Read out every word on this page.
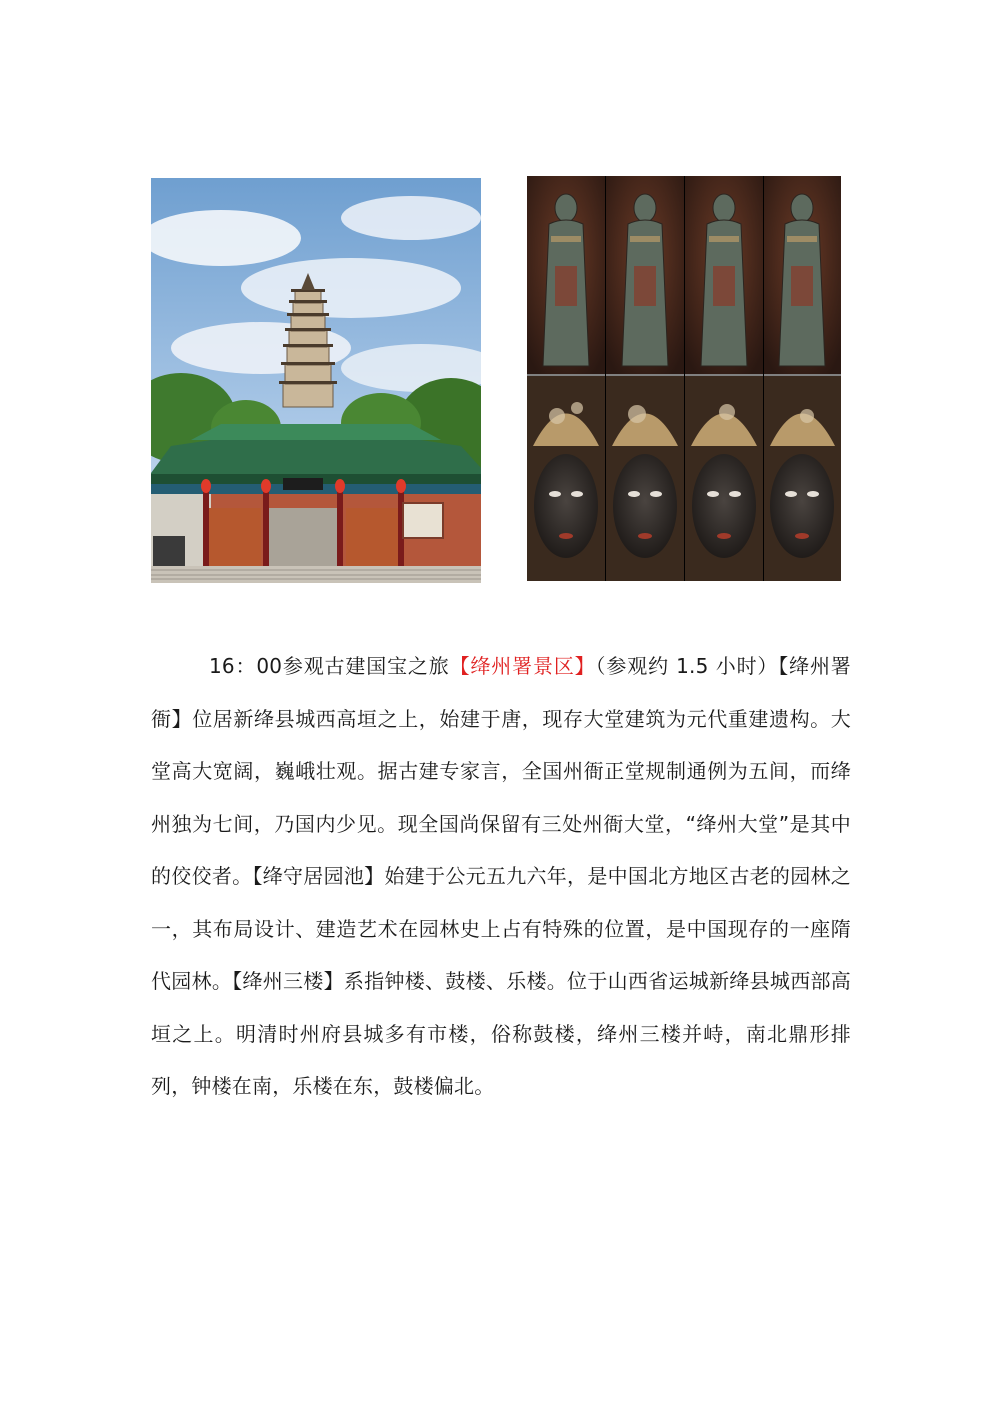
16：00参观古建国宝之旅【绛州署景区】（参观约 1.5 小时）【绛州署衙】位居新绛县城西高垣之上，始建于唐，现存大堂建筑为元代重建遗构。大堂高大宽阔，巍峨壮观。据古建专家言，全国州衙正堂规制通例为五间，而绛州独为七间，乃国内少见。现全国尚保留有三处州衙大堂，“绛州大堂”是其中的佼佼者。【绛守居园池】始建于公元五九六年，是中国北方地区古老的园林之一，其布局设计、建造艺术在园林史上占有特殊的位置，是中国现存的一座隋代园林。【绛州三楼】系指钟楼、鼓楼、乐楼。位于山西省运城新绛县城西部高垣之上。明清时州府县城多有市楼，俗称鼓楼，绛州三楼并峙，南北鼎形排列，钟楼在南，乐楼在东，鼓楼偏北。
